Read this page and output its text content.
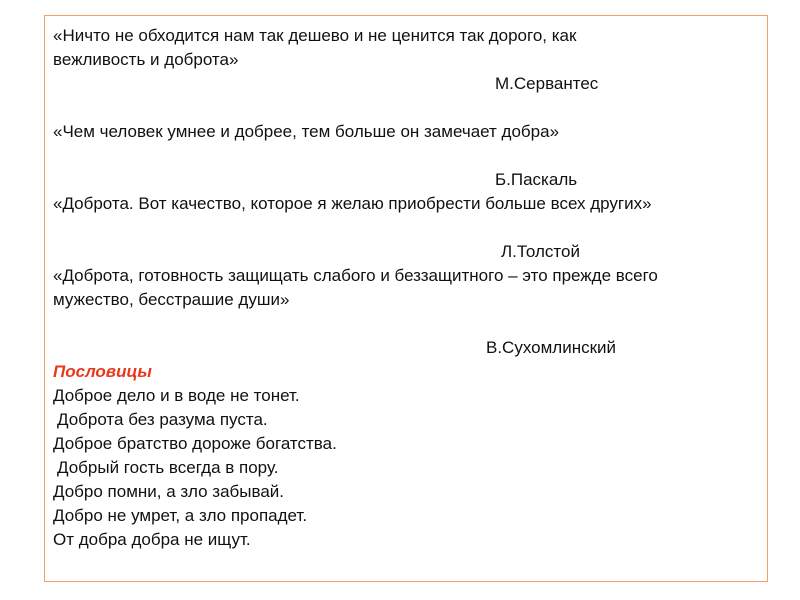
«Ничто не обходится нам так дешево и не ценится так дорого, как
вежливость и доброта»
М.Сервантес
«Чем человек умнее и добрее, тем больше он замечает добра»
Б.Паскаль
«Доброта. Вот качество, которое я желаю приобрести больше всех других»
Л.Толстой
«Доброта, готовность защищать слабого и беззащитного – это прежде всего
мужество, бесстрашие души»
В.Сухомлинский
Пословицы
Доброе дело и в воде не тонет.
Доброта без разума пуста.
Доброе братство дороже богатства.
Добрый гость всегда в пору.
Добро помни, а зло забывай.
Добро не умрет, а зло пропадет.
От добра добра не ищут.
